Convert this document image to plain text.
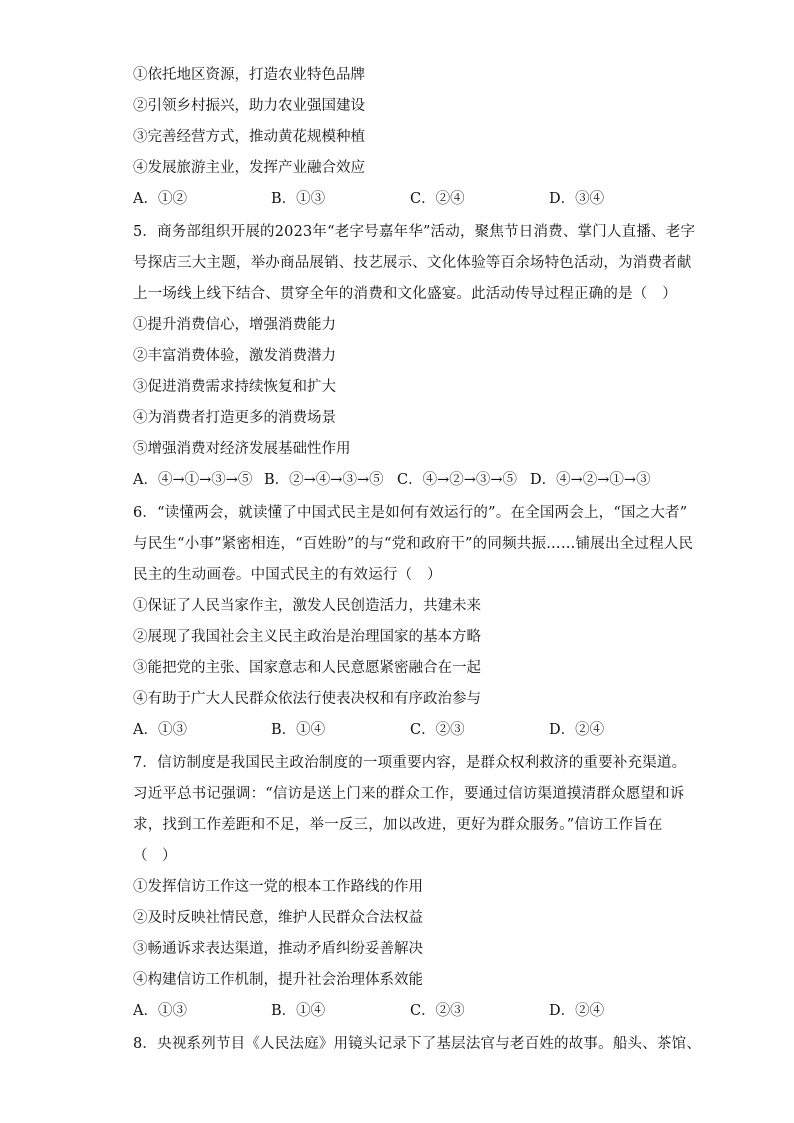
①依托地区资源，打造农业特色品牌
②引领乡村振兴，助力农业强国建设
③完善经营方式，推动黄花规模种植
④发展旅游主业，发挥产业融合效应
A．①②	B．①③	C．②④	D．③④
5．商务部组织开展的2023年“老字号嘉年华”活动，聚焦节日消费、掌门人直播、老字
号探店三大主题，举办商品展销、技艺展示、文化体验等百余场特色活动，为消费者献
上一场线上线下结合、贯穿全年的消费和文化盛宴。此活动传导过程正确的是（　）
①提升消费信心，增强消费能力
②丰富消费体验，激发消费潜力
③促进消费需求持续恢复和扩大
④为消费者打造更多的消费场景
⑤增强消费对经济发展基础性作用
A．④→①→③→⑤ B．②→④→③→⑤ C．④→②→③→⑤ D．④→②→①→③
6．“读懂两会，就读懂了中国式民主是如何有效运行的”。在全国两会上，“国之大者”
与民生“小事”紧密相连，“百姓盼”的与“党和政府干”的同频共振……铺展出全过程人民
民主的生动画卷。中国式民主的有效运行（　）
①保证了人民当家作主，激发人民创造活力，共建未来
②展现了我国社会主义民主政治是治理国家的基本方略
③能把党的主张、国家意志和人民意愿紧密融合在一起
④有助于广大人民群众依法行使表决权和有序政治参与
A．①③	B．①④	C．②③	D．②④
7．信访制度是我国民主政治制度的一项重要内容，是群众权利救济的重要补充渠道。
习近平总书记强调：“信访是送上门来的群众工作，要通过信访渠道摸清群众愿望和诉
求，找到工作差距和不足，举一反三，加以改进，更好为群众服务。”信访工作旨在
（　）
①发挥信访工作这一党的根本工作路线的作用
②及时反映社情民意，维护人民群众合法权益
③畅通诉求表达渠道，推动矛盾纠纷妥善解决
④构建信访工作机制，提升社会治理体系效能
A．①③	B．①④	C．②③	D．②④
8．央视系列节目《人民法庭》用镜头记录下了基层法官与老百姓的故事。船头、茶馆、
